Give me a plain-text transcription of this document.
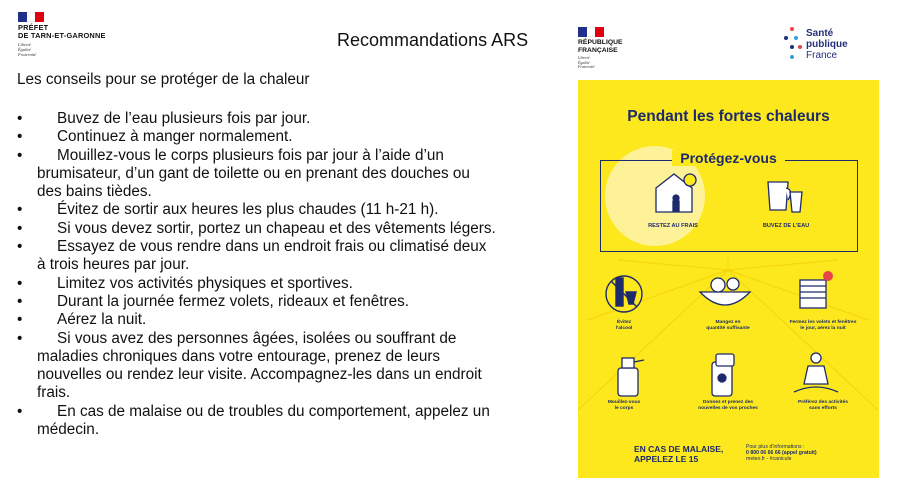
PRÉFET
DE TARN-ET-GARONNE
Liberté
Égalité
Fraternité
Recommandations ARS
Les conseils pour se protéger de la chaleur
•	Buvez de l’eau plusieurs fois par jour.
•	Continuez à manger normalement.
•	Mouillez-vous le corps plusieurs fois par jour à l’aide d’un brumisateur, d’un gant de toilette ou en prenant des douches ou des bains tièdes.
•	Évitez de sortir aux heures les plus chaudes (11 h-21 h).
•	Si vous devez sortir, portez un chapeau et des vêtements légers.
•	Essayez de vous rendre dans un endroit frais ou climatisé deux à trois heures par jour.
•	Limitez vos activités physiques et sportives.
•	Durant la journée fermez volets, rideaux et fenêtres.
•	Aérez la nuit.
•	Si vous avez des personnes âgées, isolées ou souffrant de maladies chroniques dans votre entourage, prenez de leurs nouvelles ou rendez leur visite. Accompagnez-les dans un endroit frais.
•	En cas de malaise ou de troubles du comportement, appelez un médecin.
RÉPUBLIQUE
FRANÇAISE
Liberté
Égalité
Fraternité
Santé
publique
France
Pendant les fortes chaleurs
Protégez-vous
RESTEZ AU FRAIS	BUVEZ DE L’EAU
Évitez
l’alcool
Mangez en
quantité suffisante
Fermez les volets et fenêtres
le jour, aérez la nuit
Mouillez-vous
le corps
Donnez et prenez des
nouvelles de vos proches
Préférez des activités
sans efforts
EN CAS DE MALAISE,
APPELEZ LE 15
Pour plus d’informations :
0 800 06 66 66 (appel gratuit)
meteo.fr - #canicule
